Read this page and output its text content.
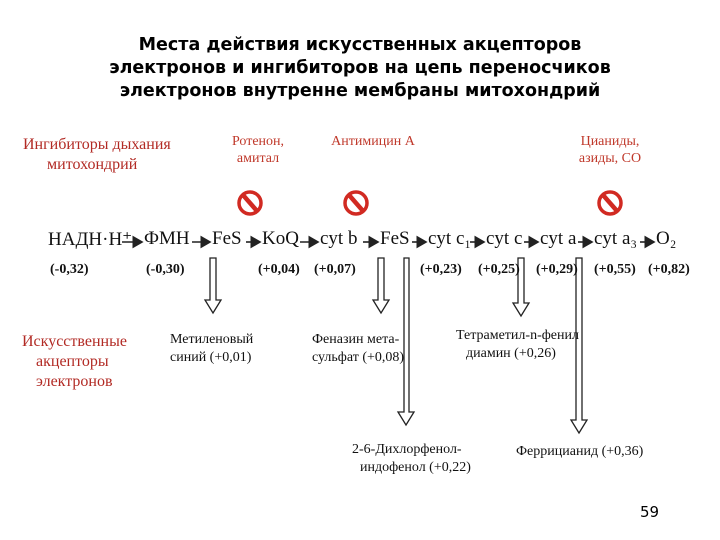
Места действия искусственных акцепторов
электронов и ингибиторов на цепь переносчиков
электронов внутренне мембраны митохондрий
Ингибиторы дыхания
митохондрий
Искусственные
акцепторы
электронов
Ротенон,
амитал
Антимицин А	Цианиды,
азиды, СО
НАДН·Н⁺ ФМН FeS KoQ cyt b FeS cyt c₁ cyt c cyt a cyt a₃ O₂
(-0,32)	(-0,30)	(+0,04) (+0,07)	(+0,23) (+0,25) (+0,29) (+0,55) (+0,82)
Метиленовый
синий (+0,01)
Феназин мета-
сульфат (+0,08)
Тетраметил-n-фенил
диамин (+0,26)
2-6-Дихлорфенол-
индофенол (+0,22)
Феррицианид (+0,36)
59
